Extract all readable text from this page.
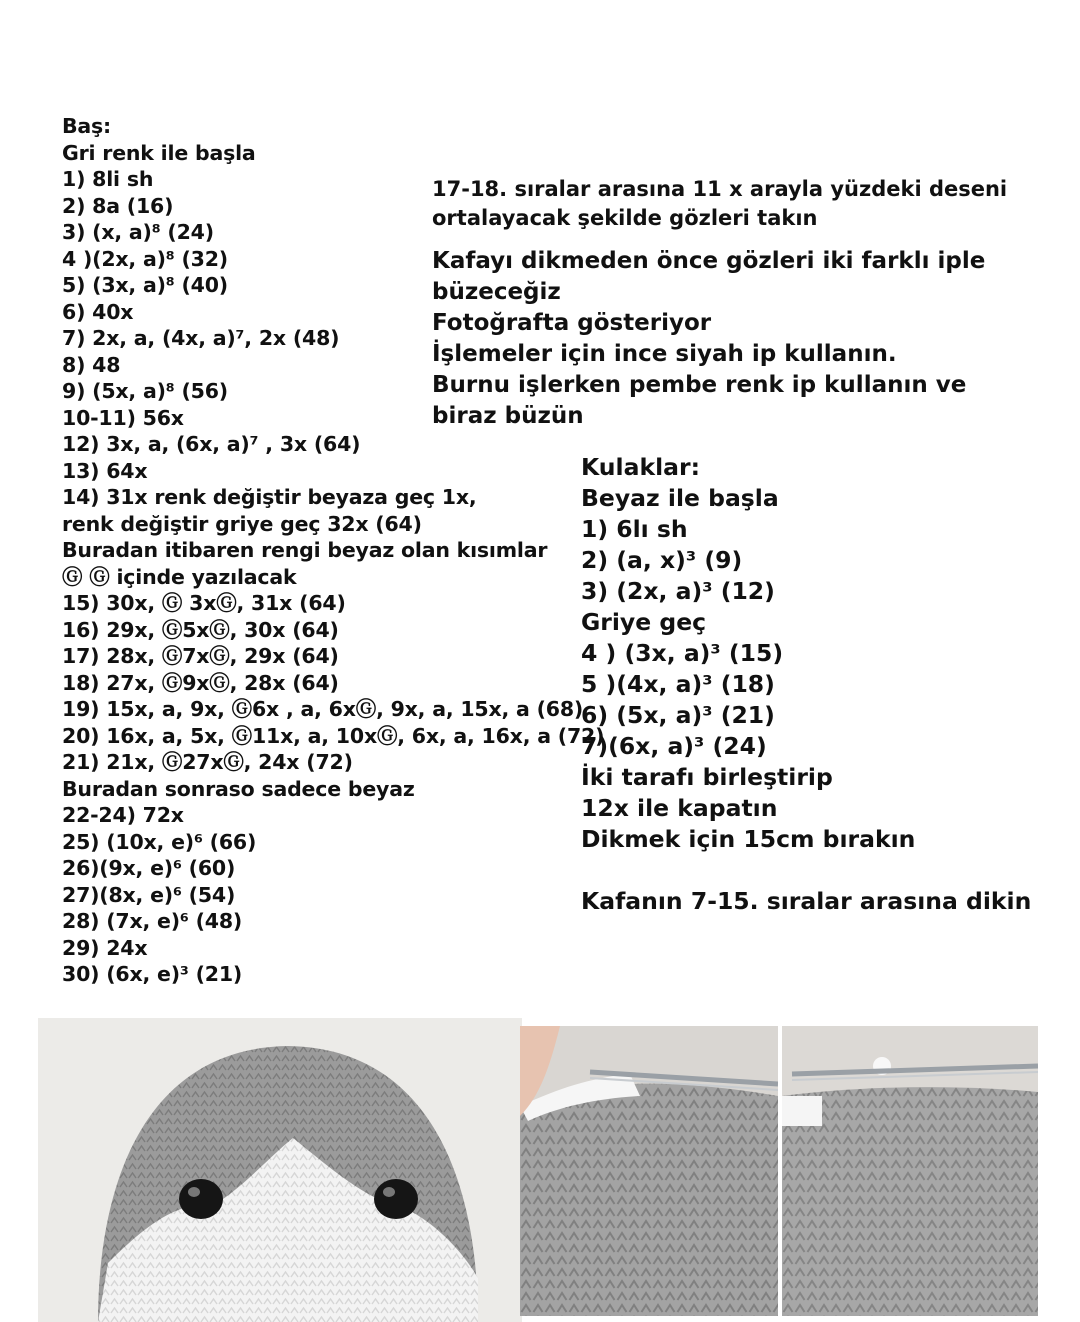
Baş:
Gri renk ile başla
1) 8li sh
2) 8a (16)
3) (x, a)⁸ (24)
4 )(2x, a)⁸ (32)
5) (3x, a)⁸ (40)
6) 40x
7) 2x, a, (4x, a)⁷, 2x (48)
8) 48
9) (5x, a)⁸ (56)
10-11) 56x
12) 3x, a, (6x, a)⁷ , 3x (64)
13) 64x
14) 31x renk değiştir beyaza geç 1x,
renk değiştir griye geç 32x (64)
Buradan itibaren rengi beyaz olan kısımlar
Ⓖ Ⓖ içinde yazılacak
15) 30x, Ⓖ 3xⒼ, 31x (64)
16) 29x, Ⓖ5xⒼ, 30x (64)
17) 28x, Ⓖ7xⒼ, 29x (64)
18) 27x, Ⓖ9xⒼ, 28x (64)
19) 15x, a, 9x, Ⓖ6x , a, 6xⒼ, 9x, a, 15x, a (68)
20) 16x, a, 5x, Ⓖ11x, a, 10xⒼ, 6x, a, 16x, a (72)
21) 21x, Ⓖ27xⒼ, 24x (72)
Buradan sonraso sadece beyaz
22-24) 72x
25) (10x, e)⁶ (66)
26)(9x, e)⁶ (60)
27)(8x, e)⁶ (54)
28) (7x, e)⁶ (48)
29) 24x
30) (6x, e)³ (21)
17-18. sıralar arasına 11 x arayla yüzdeki deseni
ortalayacak şekilde gözleri takın
Kafayı dikmeden önce gözleri iki farklı iple
büzeceğiz
Fotoğrafta gösteriyor
İşlemeler için ince siyah ip kullanın.
Burnu işlerken pembe renk ip kullanın ve
biraz büzün
Kulaklar:
Beyaz ile başla
1) 6lı sh
2) (a, x)³ (9)
3) (2x, a)³ (12)
Griye geç
4 ) (3x, a)³ (15)
5 )(4x, a)³ (18)
6) (5x, a)³ (21)
7)(6x, a)³ (24)
İki tarafı birleştirip
12x ile kapatın
Dikmek için 15cm bırakın
Kafanın 7-15. sıralar arasına dikin
